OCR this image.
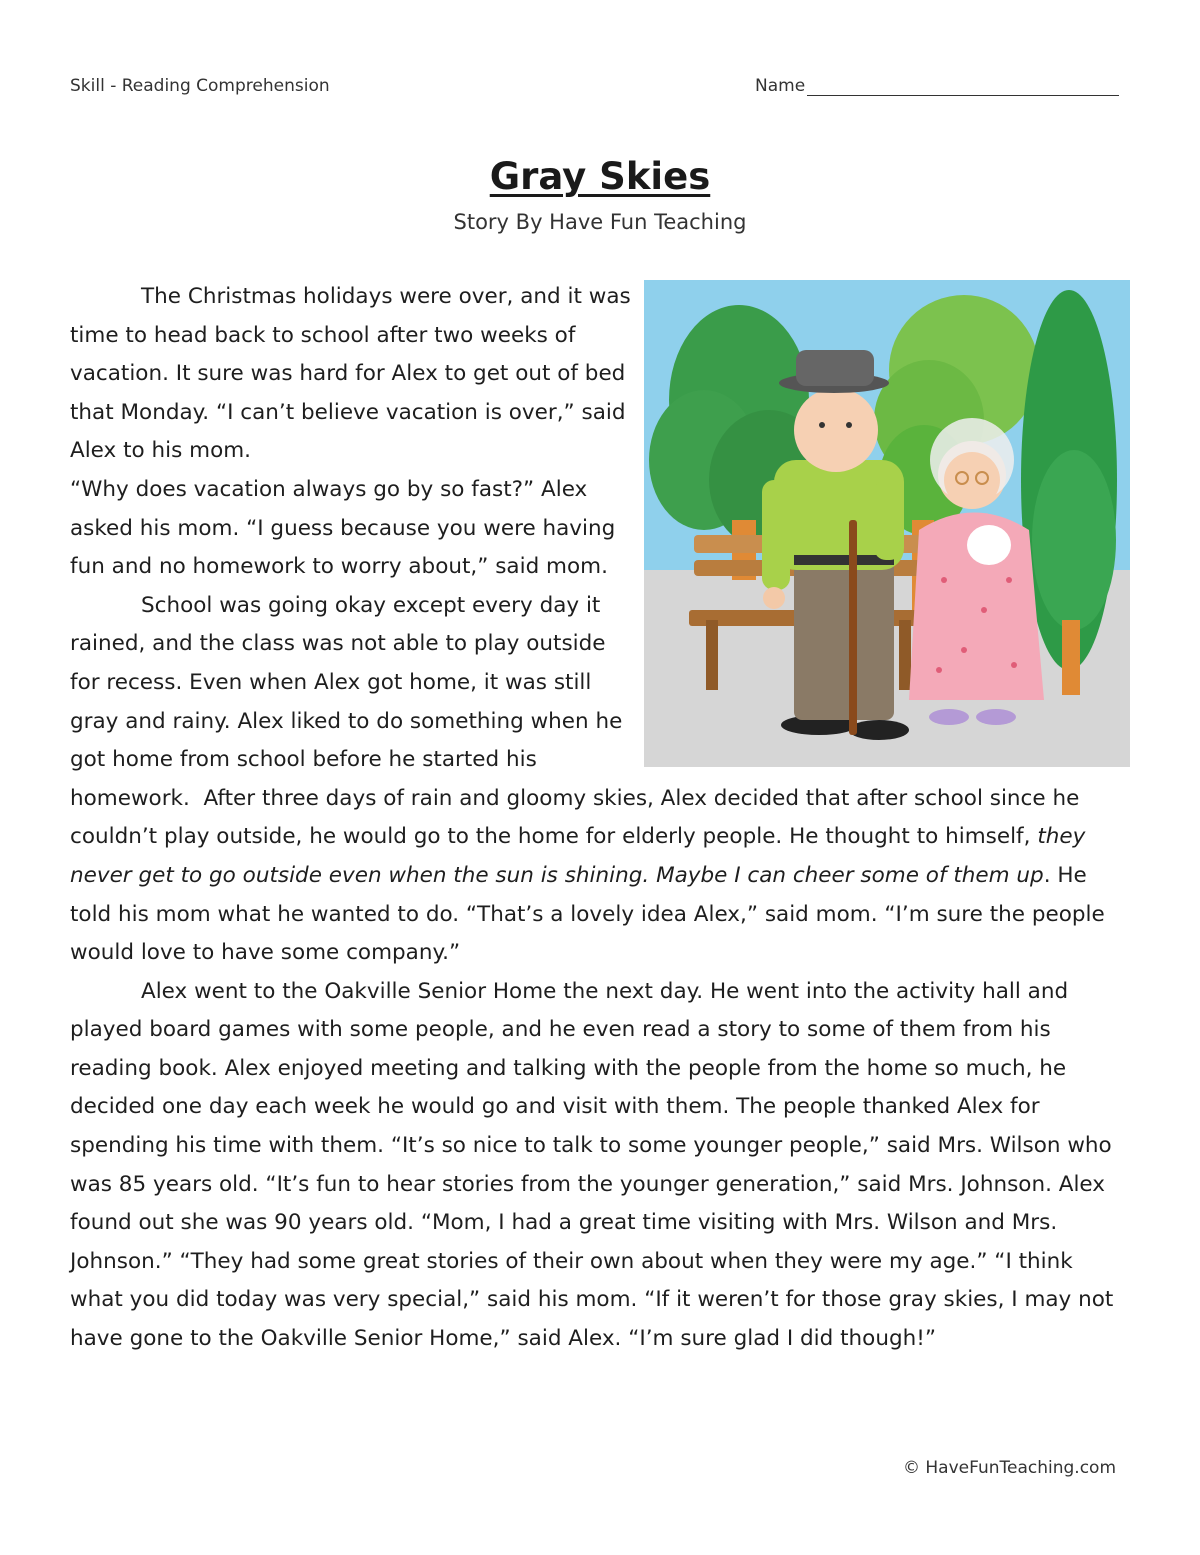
Skill - Reading Comprehension	Name
Gray Skies
Story By Have Fun Teaching

The Christmas holidays were over, and it was time to head back to school after two weeks of vacation. It sure was hard for Alex to get out of bed that Monday. “I can’t believe vacation is over,” said Alex to his mom.

“Why does vacation always go by so fast?” Alex asked his mom. “I guess because you were having fun and no homework to worry about,” said mom.

School was going okay except every day it rained, and the class was not able to play outside for recess. Even when Alex got home, it was still gray and rainy. Alex liked to do something when he got home from school before he started his homework.  After three days of rain and gloomy skies, Alex decided that after school since he couldn’t play outside, he would go to the home for elderly people. He thought to himself, they never get to go outside even when the sun is shining. Maybe I can cheer some of them up. He told his mom what he wanted to do. “That’s a lovely idea Alex,” said mom. “I’m sure the people would love to have some company.”

Alex went to the Oakville Senior Home the next day. He went into the activity hall and played board games with some people, and he even read a story to some of them from his reading book. Alex enjoyed meeting and talking with the people from the home so much, he decided one day each week he would go and visit with them. The people thanked Alex for spending his time with them. “It’s so nice to talk to some younger people,” said Mrs. Wilson who was 85 years old. “It’s fun to hear stories from the younger generation,” said Mrs. Johnson. Alex found out she was 90 years old. “Mom, I had a great time visiting with Mrs. Wilson and Mrs. Johnson.” “They had some great stories of their own about when they were my age.” “I think what you did today was very special,” said his mom. “If it weren’t for those gray skies, I may not have gone to the Oakville Senior Home,” said Alex. “I’m sure glad I did though!”

© HaveFunTeaching.com
